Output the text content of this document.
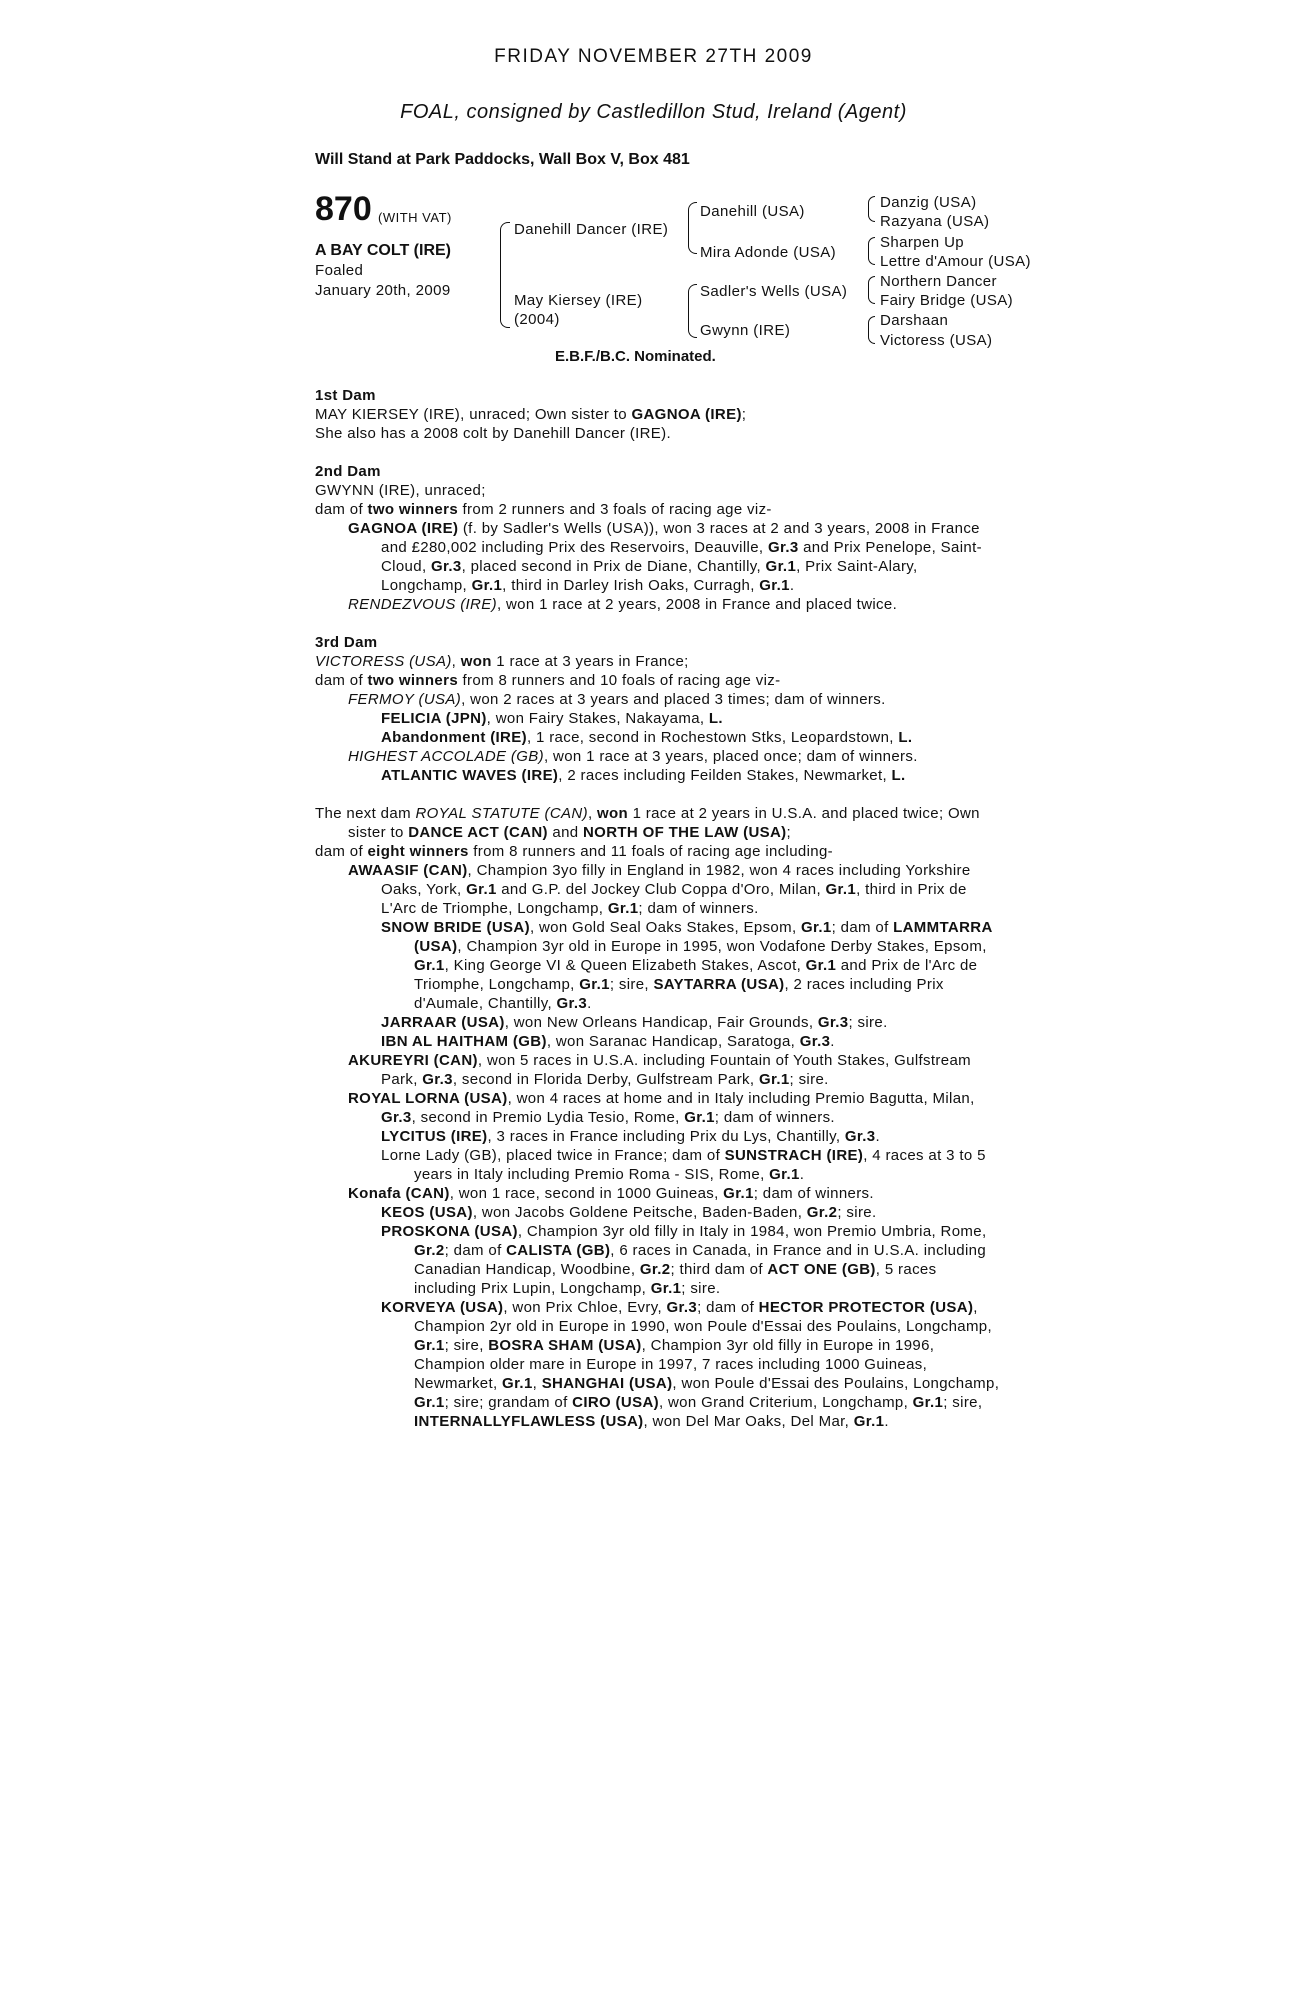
FRIDAY NOVEMBER 27TH 2009
FOAL, consigned by Castledillon Stud, Ireland (Agent)
Will Stand at Park Paddocks, Wall Box V, Box 481
870 (WITH VAT)
A BAY COLT (IRE)
Foaled
January 20th, 2009
Danehill Dancer (IRE)
May Kiersey (IRE)
(2004)
Danehill (USA)
Mira Adonde (USA)
Sadler's Wells (USA)
Gwynn (IRE)
Danzig (USA)
Razyana (USA)
Sharpen Up
Lettre d'Amour (USA)
Northern Dancer
Fairy Bridge (USA)
Darshaan
Victoress (USA)
E.B.F./B.C. Nominated.

1st Dam

MAY KIERSEY (IRE), unraced; Own sister to GAGNOA (IRE);

She also has a 2008 colt by Danehill Dancer (IRE).

2nd Dam

GWYNN (IRE), unraced;

dam of two winners from 2 runners and 3 foals of racing age viz-

GAGNOA (IRE) (f. by Sadler's Wells (USA)), won 3 races at 2 and 3 years, 2008 in France and £280,002 including Prix des Reservoirs, Deauville, Gr.3 and Prix Penelope, Saint-Cloud, Gr.3, placed second in Prix de Diane, Chantilly, Gr.1, Prix Saint-Alary, Longchamp, Gr.1, third in Darley Irish Oaks, Curragh, Gr.1.

RENDEZVOUS (IRE), won 1 race at 2 years, 2008 in France and placed twice.

3rd Dam

VICTORESS (USA), won 1 race at 3 years in France;

dam of two winners from 8 runners and 10 foals of racing age viz-

FERMOY (USA), won 2 races at 3 years and placed 3 times; dam of winners.

FELICIA (JPN), won Fairy Stakes, Nakayama, L.

Abandonment (IRE), 1 race, second in Rochestown Stks, Leopardstown, L.

HIGHEST ACCOLADE (GB), won 1 race at 3 years, placed once; dam of winners.

ATLANTIC WAVES (IRE), 2 races including Feilden Stakes, Newmarket, L.

The next dam ROYAL STATUTE (CAN), won 1 race at 2 years in U.S.A. and placed twice; Own sister to DANCE ACT (CAN) and NORTH OF THE LAW (USA);

dam of eight winners from 8 runners and 11 foals of racing age including-

AWAASIF (CAN), Champion 3yo filly in England in 1982, won 4 races including Yorkshire Oaks, York, Gr.1 and G.P. del Jockey Club Coppa d'Oro, Milan, Gr.1, third in Prix de L'Arc de Triomphe, Longchamp, Gr.1; dam of winners.

SNOW BRIDE (USA), won Gold Seal Oaks Stakes, Epsom, Gr.1; dam of LAMMTARRA (USA), Champion 3yr old in Europe in 1995, won Vodafone Derby Stakes, Epsom, Gr.1, King George VI & Queen Elizabeth Stakes, Ascot, Gr.1 and Prix de l'Arc de Triomphe, Longchamp, Gr.1; sire, SAYTARRA (USA), 2 races including Prix d'Aumale, Chantilly, Gr.3.

JARRAAR (USA), won New Orleans Handicap, Fair Grounds, Gr.3; sire.

IBN AL HAITHAM (GB), won Saranac Handicap, Saratoga, Gr.3.

AKUREYRI (CAN), won 5 races in U.S.A. including Fountain of Youth Stakes, Gulfstream Park, Gr.3, second in Florida Derby, Gulfstream Park, Gr.1; sire.

ROYAL LORNA (USA), won 4 races at home and in Italy including Premio Bagutta, Milan, Gr.3, second in Premio Lydia Tesio, Rome, Gr.1; dam of winners.

LYCITUS (IRE), 3 races in France including Prix du Lys, Chantilly, Gr.3.

Lorne Lady (GB), placed twice in France; dam of SUNSTRACH (IRE), 4 races at 3 to 5 years in Italy including Premio Roma - SIS, Rome, Gr.1.

Konafa (CAN), won 1 race, second in 1000 Guineas, Gr.1; dam of winners.

KEOS (USA), won Jacobs Goldene Peitsche, Baden-Baden, Gr.2; sire.

PROSKONA (USA), Champion 3yr old filly in Italy in 1984, won Premio Umbria, Rome, Gr.2; dam of CALISTA (GB), 6 races in Canada, in France and in U.S.A. including Canadian Handicap, Woodbine, Gr.2; third dam of ACT ONE (GB), 5 races including Prix Lupin, Longchamp, Gr.1; sire.

KORVEYA (USA), won Prix Chloe, Evry, Gr.3; dam of HECTOR PROTECTOR (USA), Champion 2yr old in Europe in 1990, won Poule d'Essai des Poulains, Longchamp, Gr.1; sire, BOSRA SHAM (USA), Champion 3yr old filly in Europe in 1996, Champion older mare in Europe in 1997, 7 races including 1000 Guineas, Newmarket, Gr.1, SHANGHAI (USA), won Poule d'Essai des Poulains, Longchamp, Gr.1; sire; grandam of CIRO (USA), won Grand Criterium, Longchamp, Gr.1; sire, INTERNALLYFLAWLESS (USA), won Del Mar Oaks, Del Mar, Gr.1.
